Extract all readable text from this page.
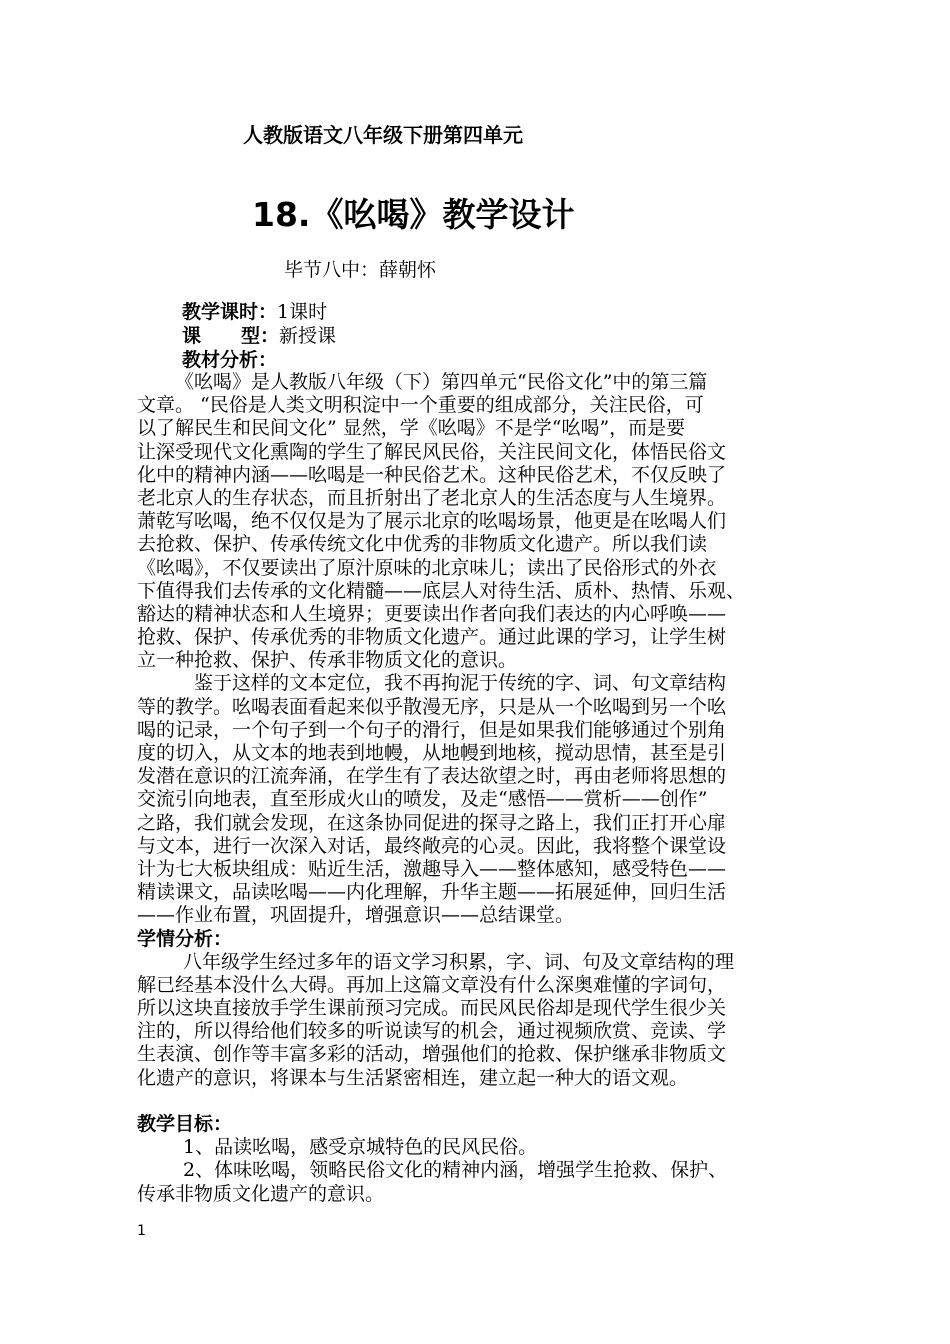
人教版语文八年级下册第四单元
18.《吆喝》教学设计
毕节八中：薛朝怀
教学课时：1课时
课 型：新授课
教材分析：
《吆喝》是人教版八年级（下）第四单元“民俗文化”中的第三篇
文章。 “民俗是人类文明积淀中一个重要的组成部分，关注民俗，可
以了解民生和民间文化” 显然，学《吆喝》不是学“吆喝”，而是要
让深受现代文化熏陶的学生了解民风民俗，关注民间文化，体悟民俗文
化中的精神内涵——吆喝是一种民俗艺术。这种民俗艺术，不仅反映了
老北京人的生存状态，而且折射出了老北京人的生活态度与人生境界。
萧乾写吆喝，绝不仅仅是为了展示北京的吆喝场景，他更是在吆喝人们
去抢救、保护、传承传统文化中优秀的非物质文化遗产。所以我们读
《吆喝》，不仅要读出了原汁原味的北京味儿；读出了民俗形式的外衣
下值得我们去传承的文化精髓——底层人对待生活、质朴、热情、乐观、
豁达的精神状态和人生境界；更要读出作者向我们表达的内心呼唤——
抢救、保护、传承优秀的非物质文化遗产。通过此课的学习，让学生树
立一种抢救、保护、传承非物质文化的意识。
鉴于这样的文本定位，我不再拘泥于传统的字、词、句文章结构
等的教学。吆喝表面看起来似乎散漫无序，只是从一个吆喝到另一个吆
喝的记录，一个句子到一个句子的滑行，但是如果我们能够通过个别角
度的切入，从文本的地表到地幔，从地幔到地核，搅动思情，甚至是引
发潜在意识的江流奔涌，在学生有了表达欲望之时，再由老师将思想的
交流引向地表，直至形成火山的喷发，及走“感悟——赏析——创作”
之路，我们就会发现，在这条协同促进的探寻之路上，我们正打开心扉
与文本，进行一次深入对话，最终敞亮的心灵。因此，我将整个课堂设
计为七大板块组成：贴近生活，激趣导入——整体感知，感受特色——
精读课文，品读吆喝——内化理解，升华主题——拓展延伸，回归生活
——作业布置，巩固提升，增强意识——总结课堂。
学情分析：
八年级学生经过多年的语文学习积累，字、词、句及文章结构的理
解已经基本没什么大碍。再加上这篇文章没有什么深奥难懂的字词句，
所以这块直接放手学生课前预习完成。而民风民俗却是现代学生很少关
注的，所以得给他们较多的听说读写的机会，通过视频欣赏、竞读、学
生表演、创作等丰富多彩的活动，增强他们的抢救、保护继承非物质文
化遗产的意识，将课本与生活紧密相连，建立起一种大的语文观。
教学目标：
1、品读吆喝，感受京城特色的民风民俗。
2、体味吆喝，领略民俗文化的精神内涵，增强学生抢救、保护、
传承非物质文化遗产的意识。
1
